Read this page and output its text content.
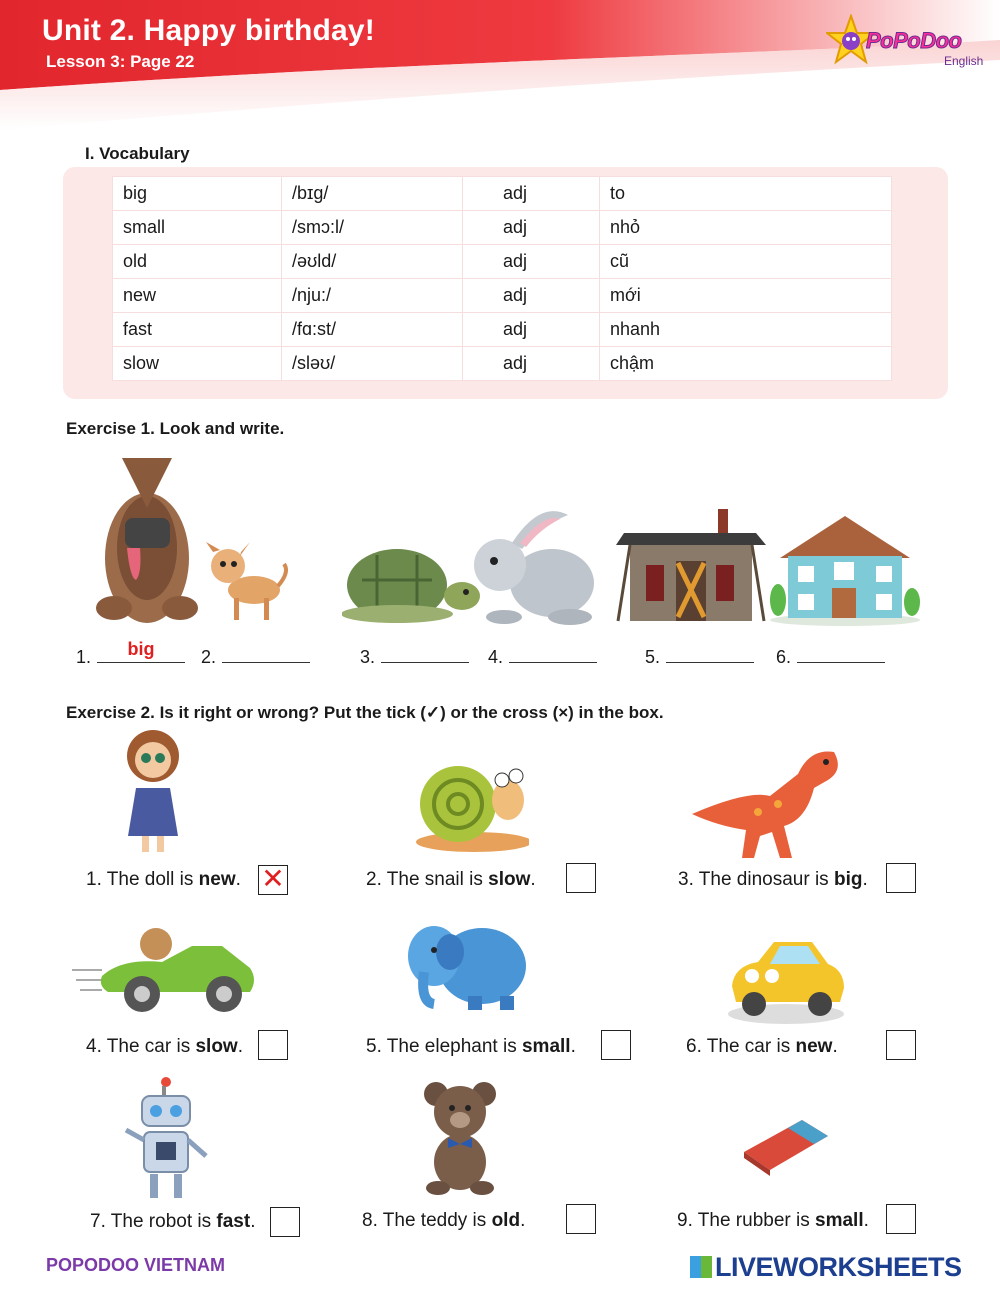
Unit 2. Happy birthday!
Lesson 3: Page 22
PoPoDoo
English
I. Vocabulary
big	/bɪg/	adj	to
small	/smɔ:l/	adj	nhỏ
old	/əʊld/	adj	cũ
new	/nju:/	adj	mới
fast	/fɑ:st/	adj	nhanh
slow	/sləʊ/	adj	chậm
Exercise 1. Look and write.
1.	big	2.	3.	4.	5.	6.
Exercise 2. Is it right or wrong? Put the tick (✓) or the cross (×) in the box.
1. The doll is new. ✕	2. The snail is slow.	3. The dinosaur is big.
4. The car is slow.	5. The elephant is small.	6. The car is new.
7. The robot is fast.	8. The teddy is old.	9. The rubber is small.
POPODOO VIETNAM	LIVEWORKSHEETS
